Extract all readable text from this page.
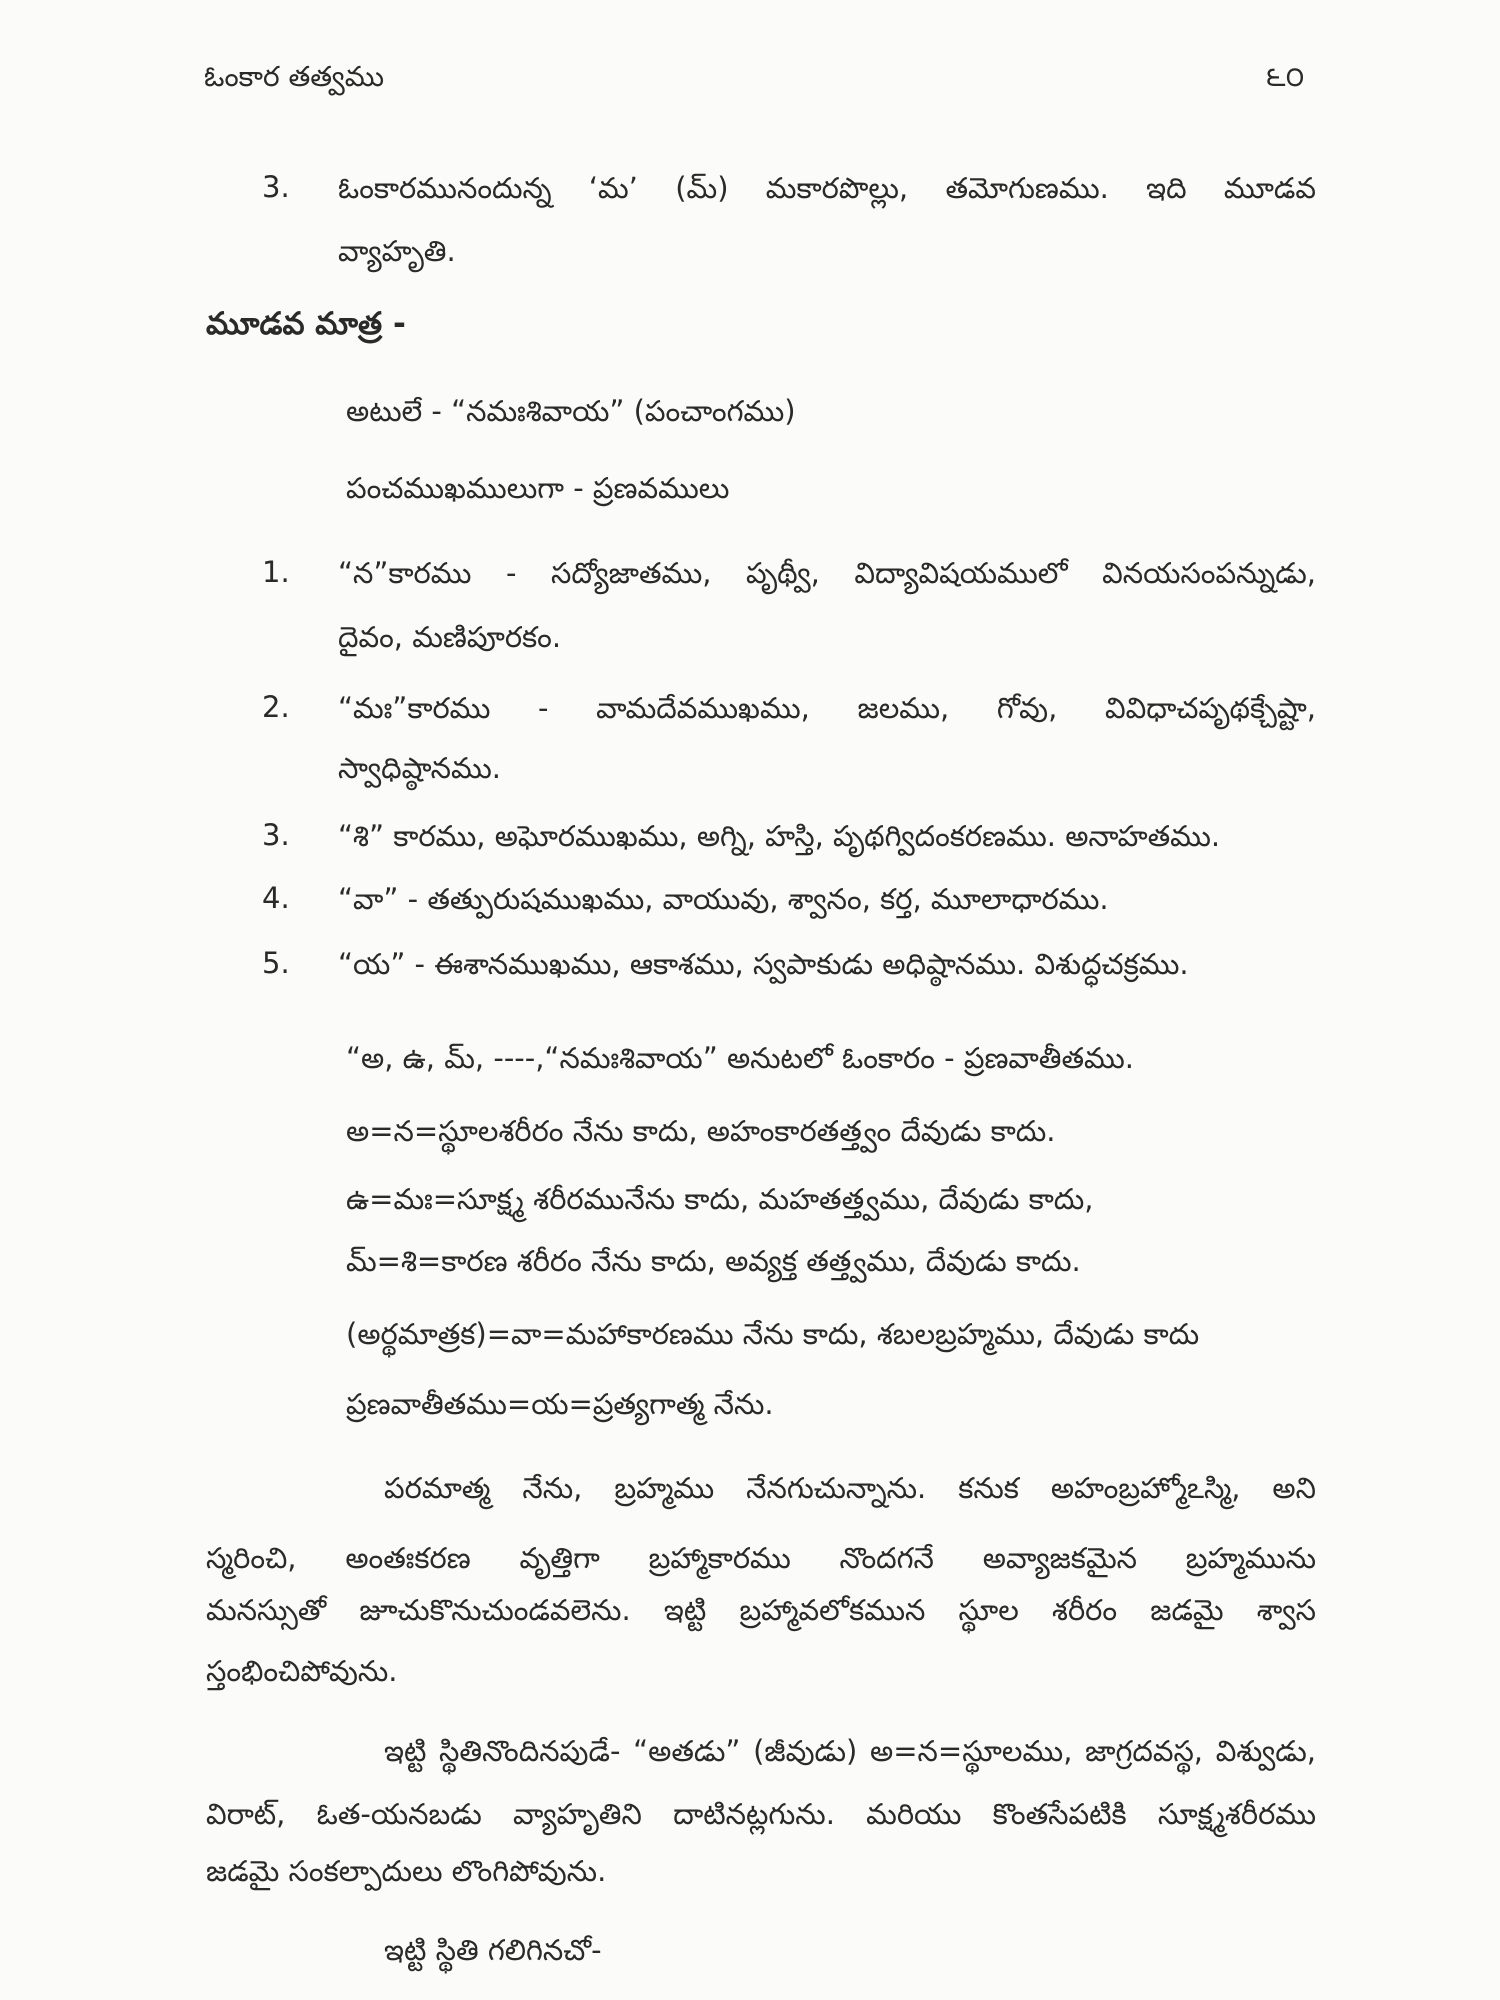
ఓంకార తత్వము	౬౦
3. ఓంకారమునందున్న ‘మ’ (మ్) మకారపొల్లు, తమోగుణము. ఇది మూడవ
వ్యాహృతి.
మూడవ మాత్ర -
అటులే - “నమఃశివాయ” (పంచాంగము)
పంచముఖములుగా - ప్రణవములు
1. “న”కారము - సద్యోజాతము, పృథ్వీ, విద్యావిషయములో వినయసంపన్నుడు,
దైవం, మణిపూరకం.
2. “మః”కారము - వామదేవముఖము, జలము, గోవు, వివిధాచపృథక్చేష్టా,
స్వాధిష్ఠానము.
3. “శి” కారము, అఘోరముఖము, అగ్ని, హస్తి, పృథగ్విదంకరణము. అనాహతము.
4. “వా” - తత్పురుషముఖము, వాయువు, శ్వానం, కర్త, మూలాధారము.
5. “య” - ఈశానముఖము, ఆకాశము, స్వపాకుడు అధిష్ఠానము. విశుద్ధచక్రము.
“అ, ఉ, మ్, ----,“నమఃశివాయ” అనుటలో ఓంకారం - ప్రణవాతీతము.
అ=న=స్థూలశరీరం నేను కాదు, అహంకారతత్త్వం దేవుడు కాదు.
ఉ=మః=సూక్ష్మ శరీరమునేను కాదు, మహతత్త్వము, దేవుడు కాదు,
మ్=శి=కారణ శరీరం నేను కాదు, అవ్యక్త తత్త్వము, దేవుడు కాదు.
(అర్థమాత్రక)=వా=మహాకారణము నేను కాదు, శబలబ్రహ్మము, దేవుడు కాదు
ప్రణవాతీతము=య=ప్రత్యగాత్మ నేను.
పరమాత్మ నేను, బ్రహ్మము నేనగుచున్నాను. కనుక అహంబ్రహ్మోఽస్మి, అని
స్మరించి, అంతఃకరణ వృత్తిగా బ్రహ్మాకారము నొందగనే అవ్యాజకమైన బ్రహ్మమును
మనస్సుతో జూచుకొనుచుండవలెను. ఇట్టి బ్రహ్మావలోకమున స్థూల శరీరం జడమై శ్వాస
స్తంభించిపోవును.
ఇట్టి స్థితినొందినపుడే- “అతడు” (జీవుడు) అ=న=స్థూలము, జాగ్రదవస్థ, విశ్వుడు,
విరాట్, ఓత-యనబడు వ్యాహృతిని దాటినట్లగును. మరియు కొంతసేపటికి సూక్ష్మశరీరము
జడమై సంకల్పాదులు లొంగిపోవును.
ఇట్టి స్థితి గలిగినచో-
